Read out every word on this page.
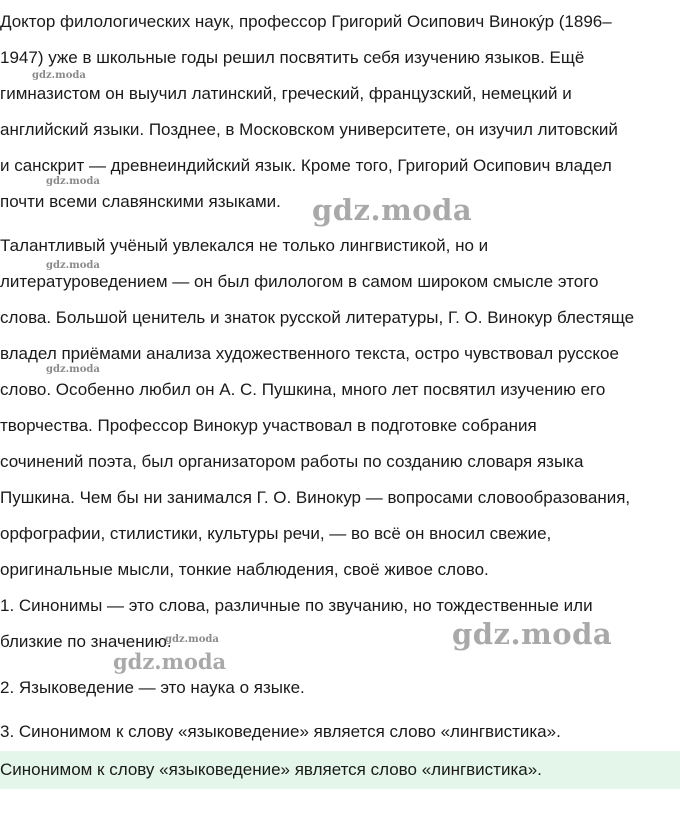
Доктор филологических наук, профессор Григорий Осипович Винокýр (1896–
1947) уже в школьные годы решил посвятить себя изучению языков. Ещё
гимназистом он выучил латинский, греческий, французский, немецкий и
английский языки. Позднее, в Московском университете, он изучил литовский
и санскрит — древнеиндийский язык. Кроме того, Григорий Осипович владел
почти всеми славянскими языками.
Талантливый учёный увлекался не только лингвистикой, но и
литературоведением — он был филологом в самом широком смысле этого
слова. Большой ценитель и знаток русской литературы, Г. О. Винокур блестяще
владел приёмами анализа художественного текста, остро чувствовал русское
слово. Особенно любил он А. С. Пушкина, много лет посвятил изучению его
творчества. Профессор Винокур участвовал в подготовке собрания
сочинений поэта, был организатором работы по созданию словаря языка
Пушкина. Чем бы ни занимался Г. О. Винокур — вопросами словообразования,
орфографии, стилистики, культуры речи, — во всё он вносил свежие,
оригинальные мысли, тонкие наблюдения, своё живое слово.
1. Синонимы — это слова, различные по звучанию, но тождественные или
близкие по значению.
2. Языковедение — это наука о языке.
3. Синонимом к слову «языковедение» является слово «лингвистика».
Синонимом к слову «языковедение» является слово «лингвистика».
gdz.moda
gdz.moda
gdz.moda
gdz.moda
gdz.moda
gdz.moda
gdz.moda
gdz.moda
